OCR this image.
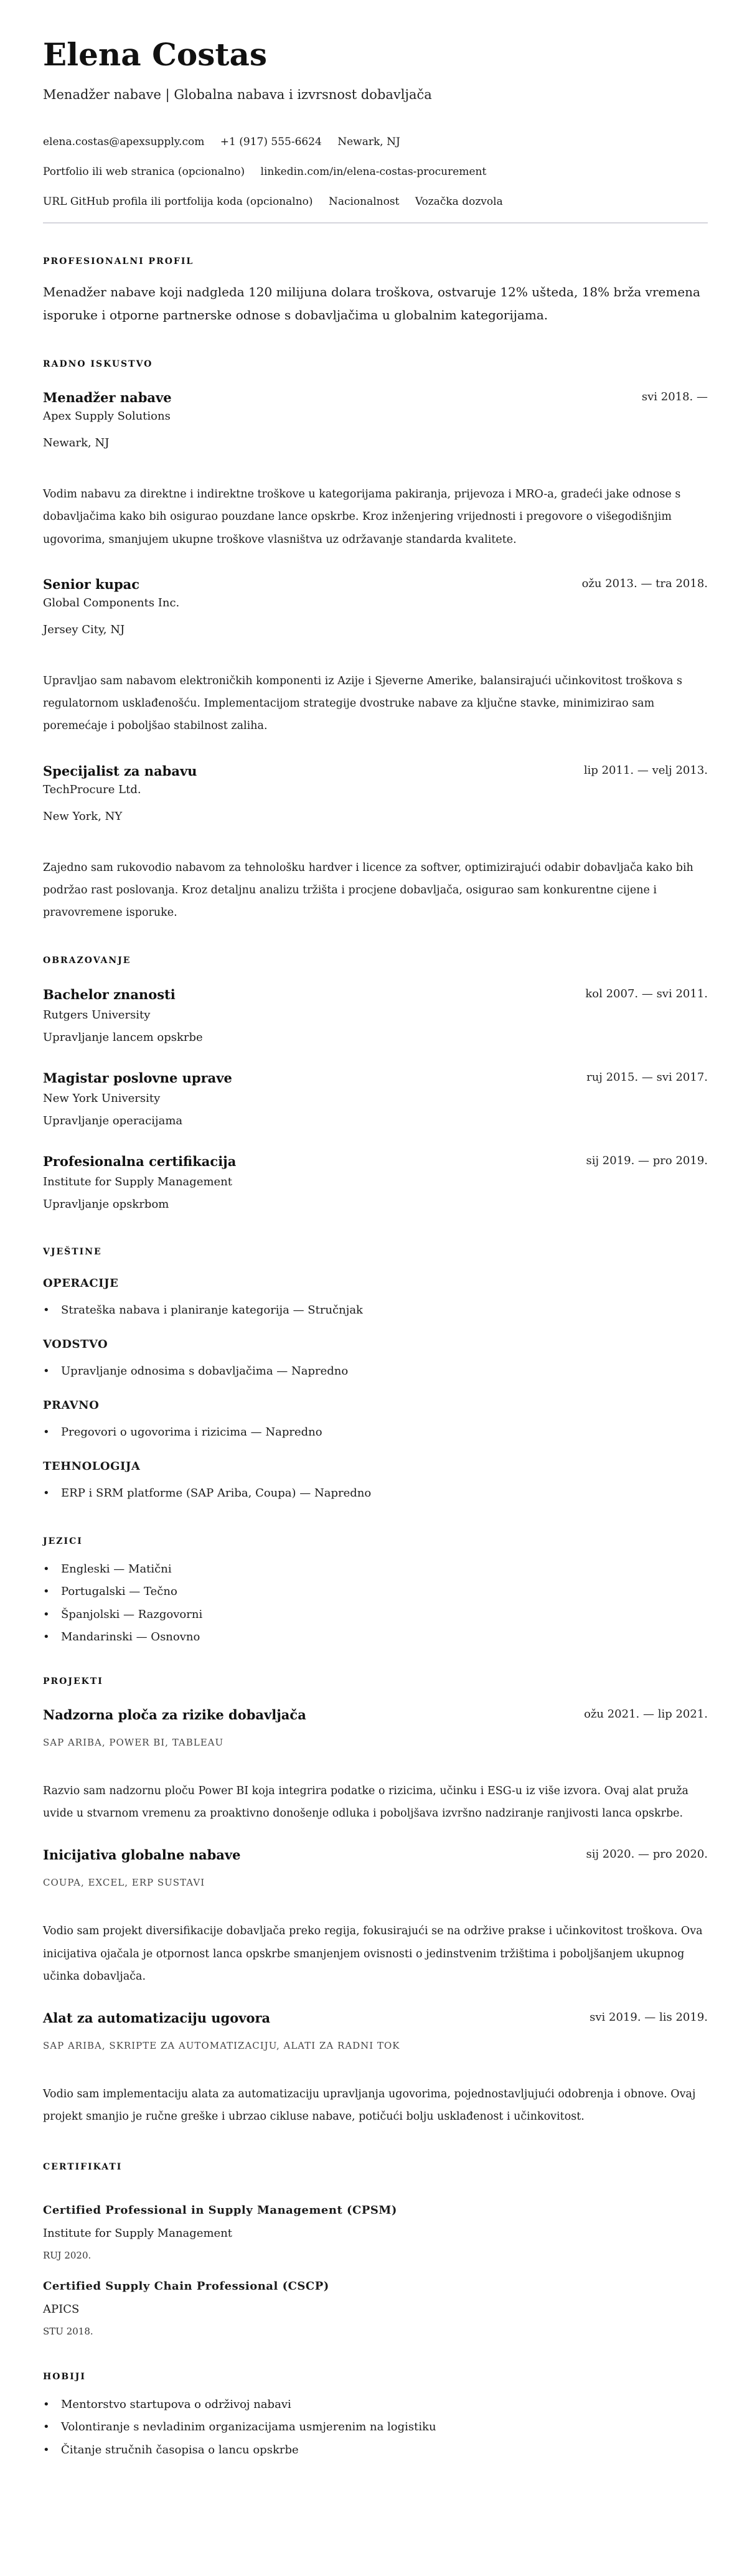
Elena Costas
Menadžer nabave | Globalna nabava i izvrsnost dobavljača
elena.costas@apexsupply.com +1 (917) 555-6624 Newark, NJ
Portfolio ili web stranica (opcionalno) linkedin.com/in/elena-costas-procurement
URL GitHub profila ili portfolija koda (opcionalno) Nacionalnost Vozačka dozvola
PROFESIONALNI PROFIL
Menadžer nabave koji nadgleda 120 milijuna dolara troškova, ostvaruje 12% ušteda, 18% brža vremena isporuke i otporne partnerske odnose s dobavljačima u globalnim kategorijama.
RADNO ISKUSTVO
Menadžer nabave	svi 2018. —
Apex Supply Solutions
Newark, NJ
Vodim nabavu za direktne i indirektne troškove u kategorijama pakiranja, prijevoza i MRO-a, gradeći jake odnose s dobavljačima kako bih osigurao pouzdane lance opskrbe. Kroz inženjering vrijednosti i pregovore o višegodišnjim ugovorima, smanjujem ukupne troškove vlasništva uz održavanje standarda kvalitete.
Senior kupac	ožu 2013. — tra 2018.
Global Components Inc.
Jersey City, NJ
Upravljao sam nabavom elektroničkih komponenti iz Azije i Sjeverne Amerike, balansirajući učinkovitost troškova s regulatornom usklađenošću. Implementacijom strategije dvostruke nabave za ključne stavke, minimizirao sam poremećaje i poboljšao stabilnost zaliha.
Specijalist za nabavu	lip 2011. — velj 2013.
TechProcure Ltd.
New York, NY
Zajedno sam rukovodio nabavom za tehnološku hardver i licence za softver, optimizirajući odabir dobavljača kako bih podržao rast poslovanja. Kroz detaljnu analizu tržišta i procjene dobavljača, osigurao sam konkurentne cijene i pravovremene isporuke.
OBRAZOVANJE
Bachelor znanosti	kol 2007. — svi 2011.
Rutgers University
Upravljanje lancem opskrbe
Magistar poslovne uprave	ruj 2015. — svi 2017.
New York University
Upravljanje operacijama
Profesionalna certifikacija	sij 2019. — pro 2019.
Institute for Supply Management
Upravljanje opskrbom
VJEŠTINE
OPERACIJE
• Strateška nabava i planiranje kategorija — Stručnjak
VODSTVO
• Upravljanje odnosima s dobavljačima — Napredno
PRAVNO
• Pregovori o ugovorima i rizicima — Napredno
TEHNOLOGIJA
• ERP i SRM platforme (SAP Ariba, Coupa) — Napredno
JEZICI
• Engleski — Matični
• Portugalski — Tečno
• Španjolski — Razgovorni
• Mandarinski — Osnovno
PROJEKTI
Nadzorna ploča za rizike dobavljača	ožu 2021. — lip 2021.
SAP ARIBA, POWER BI, TABLEAU
Razvio sam nadzornu ploču Power BI koja integrira podatke o rizicima, učinku i ESG-u iz više izvora. Ovaj alat pruža uvide u stvarnom vremenu za proaktivno donošenje odluka i poboljšava izvršno nadziranje ranjivosti lanca opskrbe.
Inicijativa globalne nabave	sij 2020. — pro 2020.
COUPA, EXCEL, ERP SUSTAVI
Vodio sam projekt diversifikacije dobavljača preko regija, fokusirajući se na održive prakse i učinkovitost troškova. Ova inicijativa ojačala je otpornost lanca opskrbe smanjenjem ovisnosti o jedinstvenim tržištima i poboljšanjem ukupnog učinka dobavljača.
Alat za automatizaciju ugovora	svi 2019. — lis 2019.
SAP ARIBA, SKRIPTE ZA AUTOMATIZACIJU, ALATI ZA RADNI TOK
Vodio sam implementaciju alata za automatizaciju upravljanja ugovorima, pojednostavljujući odobrenja i obnove. Ovaj projekt smanjio je ručne greške i ubrzao cikluse nabave, potičući bolju usklađenost i učinkovitost.
CERTIFIKATI
Certified Professional in Supply Management (CPSM)
Institute for Supply Management
RUJ 2020.
Certified Supply Chain Professional (CSCP)
APICS
STU 2018.
HOBIJI
• Mentorstvo startupova o održivoj nabavi
• Volontiranje s nevladinim organizacijama usmjerenim na logistiku
• Čitanje stručnih časopisa o lancu opskrbe
